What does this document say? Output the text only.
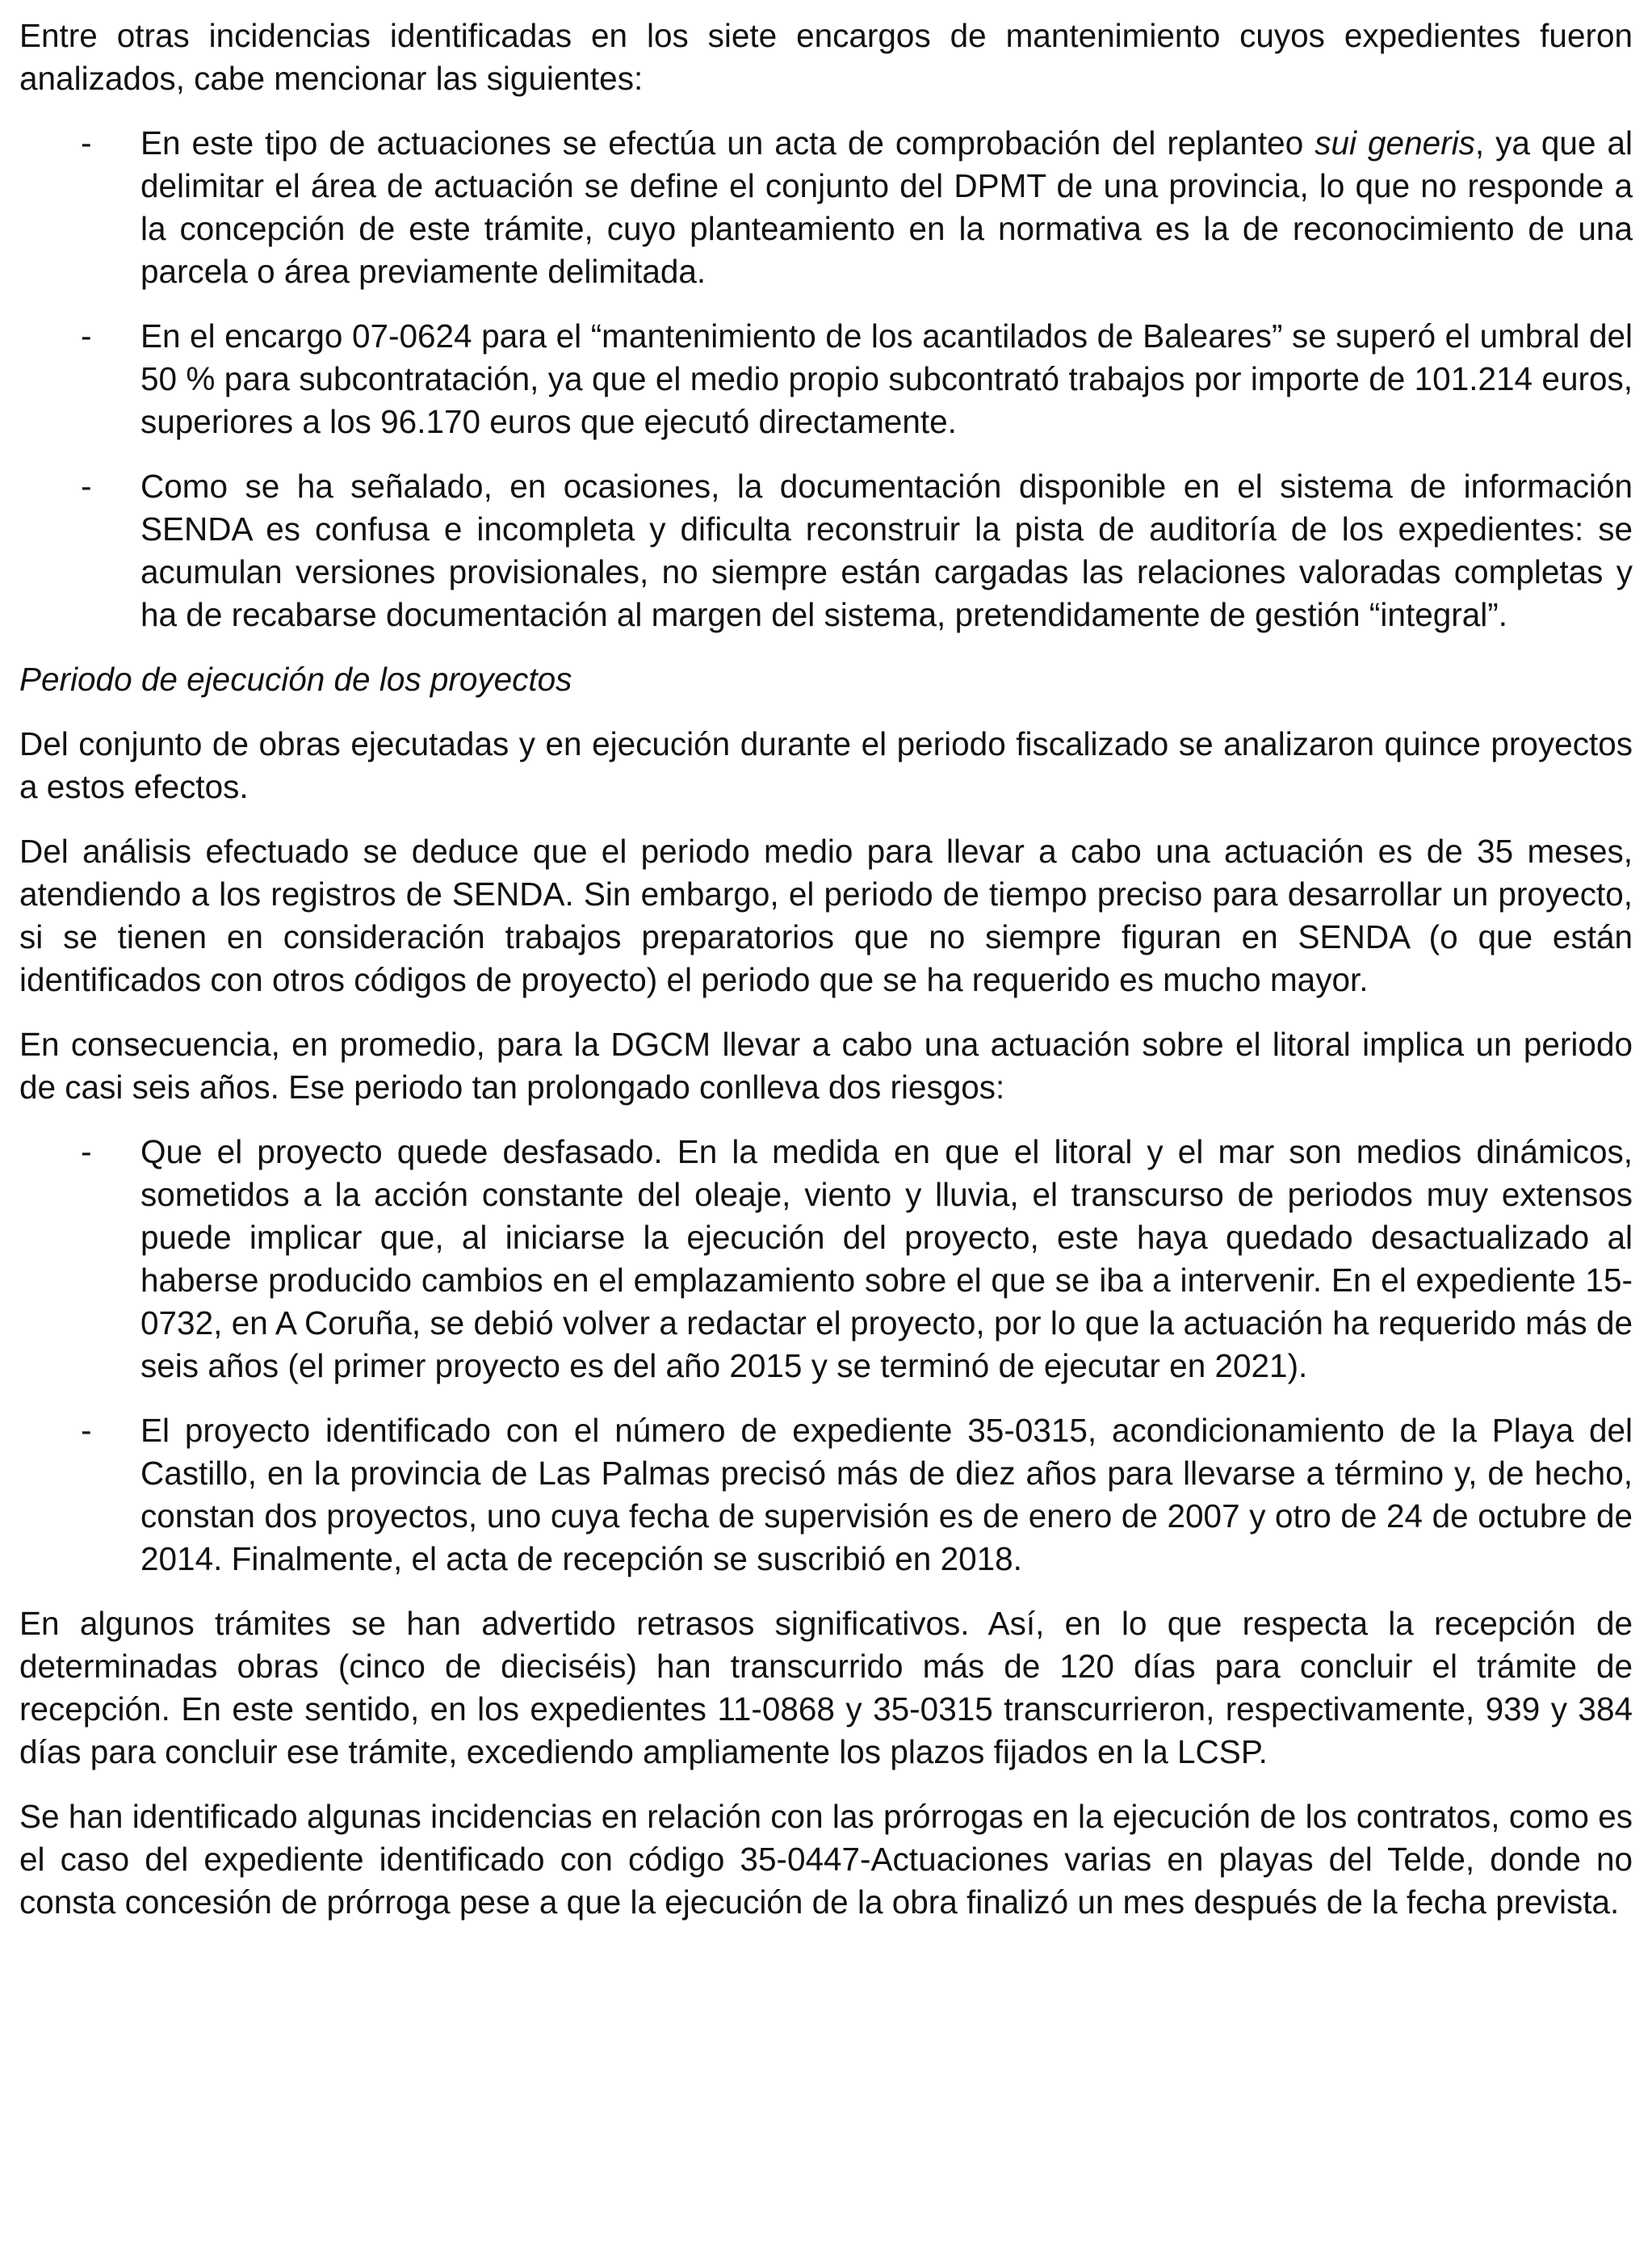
Entre otras incidencias identificadas en los siete encargos de mantenimiento cuyos expedientes fueron analizados, cabe mencionar las siguientes:

- En este tipo de actuaciones se efectúa un acta de comprobación del replanteo sui generis, ya que al delimitar el área de actuación se define el conjunto del DPMT de una provincia, lo que no responde a la concepción de este trámite, cuyo planteamiento en la normativa es la de reconocimiento de una parcela o área previamente delimitada.
- En el encargo 07-0624 para el “mantenimiento de los acantilados de Baleares” se superó el umbral del 50 % para subcontratación, ya que el medio propio subcontrató trabajos por importe de 101.214 euros, superiores a los 96.170 euros que ejecutó directamente.
- Como se ha señalado, en ocasiones, la documentación disponible en el sistema de información SENDA es confusa e incompleta y dificulta reconstruir la pista de auditoría de los expedientes: se acumulan versiones provisionales, no siempre están cargadas las relaciones valoradas completas y ha de recabarse documentación al margen del sistema, pretendidamente de gestión “integral”.

Periodo de ejecución de los proyectos

Del conjunto de obras ejecutadas y en ejecución durante el periodo fiscalizado se analizaron quince proyectos a estos efectos.

Del análisis efectuado se deduce que el periodo medio para llevar a cabo una actuación es de 35 meses, atendiendo a los registros de SENDA. Sin embargo, el periodo de tiempo preciso para desarrollar un proyecto, si se tienen en consideración trabajos preparatorios que no siempre figuran en SENDA (o que están identificados con otros códigos de proyecto) el periodo que se ha requerido es mucho mayor.

En consecuencia, en promedio, para la DGCM llevar a cabo una actuación sobre el litoral implica un periodo de casi seis años. Ese periodo tan prolongado conlleva dos riesgos:

- Que el proyecto quede desfasado. En la medida en que el litoral y el mar son medios dinámicos, sometidos a la acción constante del oleaje, viento y lluvia, el transcurso de periodos muy extensos puede implicar que, al iniciarse la ejecución del proyecto, este haya quedado desactualizado al haberse producido cambios en el emplazamiento sobre el que se iba a intervenir. En el expediente 15-0732, en A Coruña, se debió volver a redactar el proyecto, por lo que la actuación ha requerido más de seis años (el primer proyecto es del año 2015 y se terminó de ejecutar en 2021).
- El proyecto identificado con el número de expediente 35-0315, acondicionamiento de la Playa del Castillo, en la provincia de Las Palmas precisó más de diez años para llevarse a término y, de hecho, constan dos proyectos, uno cuya fecha de supervisión es de enero de 2007 y otro de 24 de octubre de 2014. Finalmente, el acta de recepción se suscribió en 2018.

En algunos trámites se han advertido retrasos significativos. Así, en lo que respecta la recepción de determinadas obras (cinco de dieciséis) han transcurrido más de 120 días para concluir el trámite de recepción. En este sentido, en los expedientes 11-0868 y 35-0315 transcurrieron, respectivamente, 939 y 384 días para concluir ese trámite, excediendo ampliamente los plazos fijados en la LCSP.

Se han identificado algunas incidencias en relación con las prórrogas en la ejecución de los contratos, como es el caso del expediente identificado con código 35-0447-Actuaciones varias en playas del Telde, donde no consta concesión de prórroga pese a que la ejecución de la obra finalizó un mes después de la fecha prevista.
